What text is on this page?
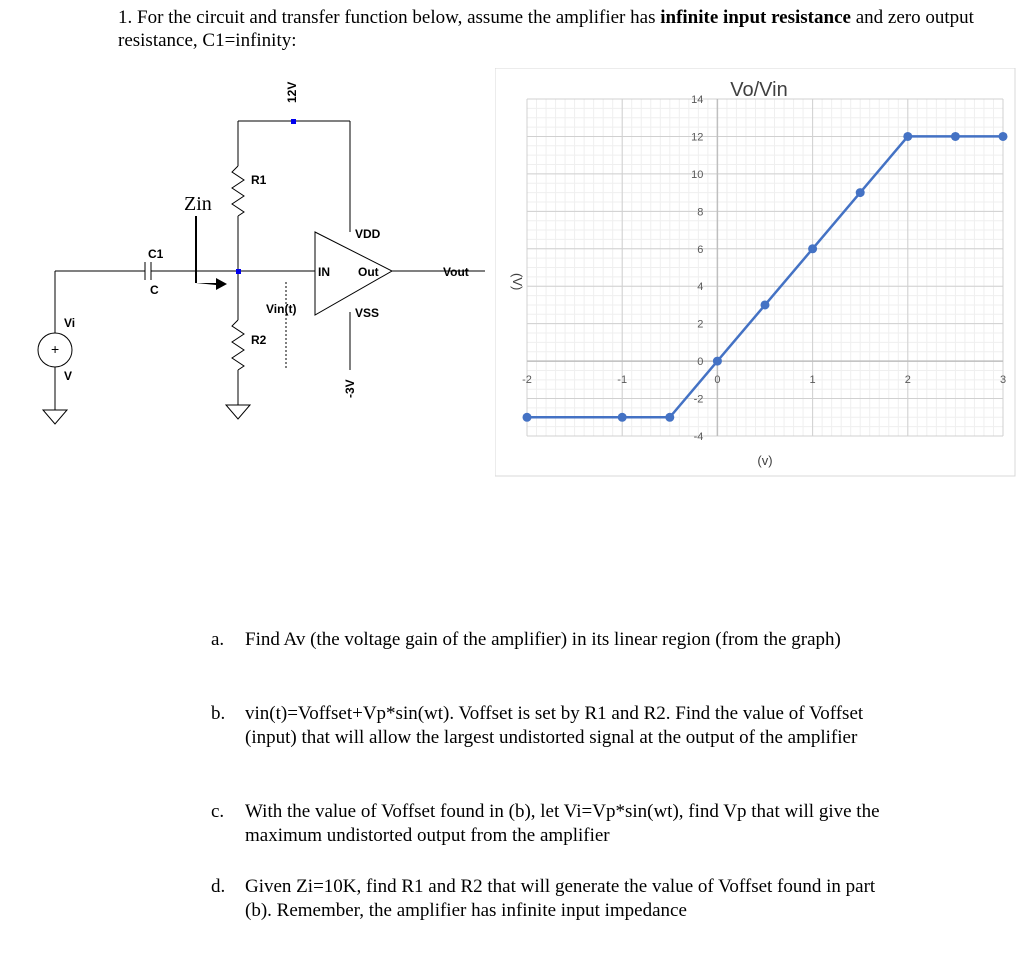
1. For the circuit and transfer function below, assume the amplifier has infinite input resistance and zero output resistance, C1=infinity:
+
12V
-3V
R1
R2
C1
C
Zin
Vi
V
VDD
VSS
IN Out	Vout
Vin(t)
-2	-1	0	1	2	3
-4
-2
0
2
4
6
8
10
12
14 Vo/Vin
(v)
(V)
a. Find Av (the voltage gain of the amplifier) in its linear region (from the graph)
b. vin(t)=Voffset+Vp*sin(wt). Voffset is set by R1 and R2. Find the value of Voffset (input) that will allow the largest undistorted signal at the output of the amplifier
c. With the value of Voffset found in (b), let Vi=Vp*sin(wt), find Vp that will give the maximum undistorted output from the amplifier
d. Given Zi=10K, find R1 and R2 that will generate the value of Voffset found in part (b). Remember, the amplifier has infinite input impedance
